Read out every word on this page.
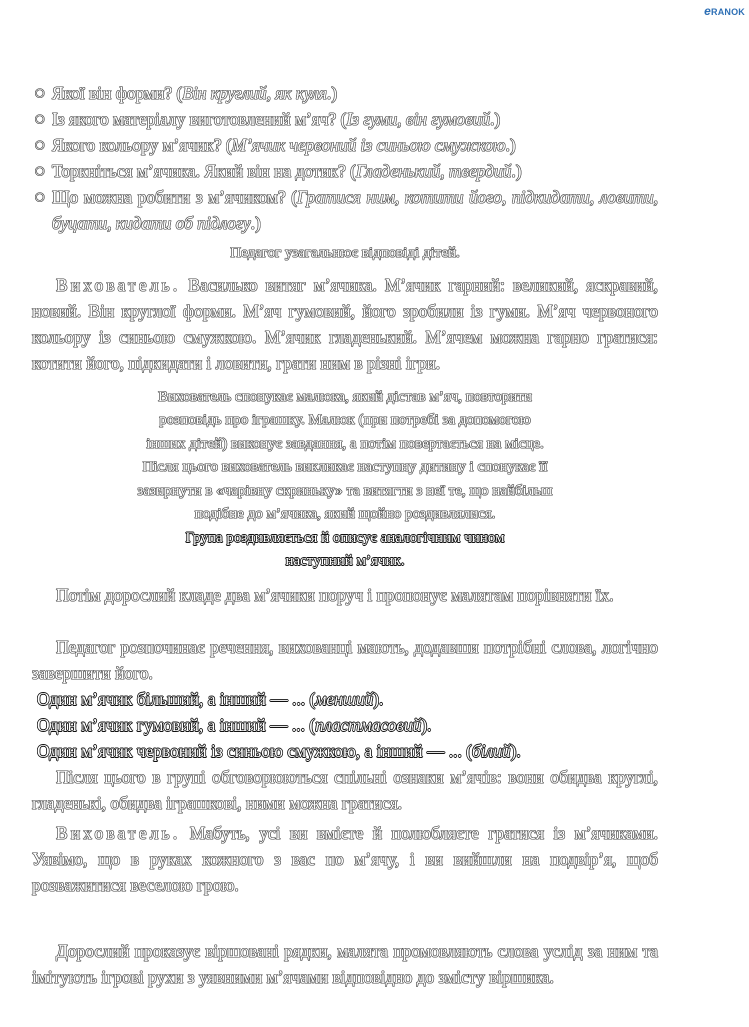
eRANOK
○ Якої він форми? (Він круглий, як куля.)
○ Із якого матеріалу виготовлений м’яч? (Із гуми, він гумовий.)
○ Якого кольору м’ячик? (М’ячик червоний із синьою смужкою.)
○ Торкніться м’ячика. Який він на дотик? (Гладенький, твердий.)
○ Що можна робити з м’ячиком? (Гратися ним, котити його, підкидати, ловити, буцати, кидати об підлогу.)

Педагог узагальнює відповіді дітей.

Вихователь. Василько витяг м’ячика. М’ячик гарний: великий, яскравий, новий. Він круглої форми. М’яч гумовий, його зробили із гуми. М’яч червоного кольору із синьою смужкою. М’ячик гладенький. М’ячем можна гарно гратися: котити його, підкидати і ловити, грати ним в різні ігри.

Вихователь спонукає малюка, який дістав м’яч, повторити

розповідь про іграшку. Малюк (при потребі за допомогою

інших дітей) виконує завдання, а потім повертається на місце.

Після цього вихователь викликає наступну дитину і спонукає її

зазирнути в «чарівну скриньку» та витягти з неї те, що найбільш

подібне до м’ячика, який щойно роздивлялися.

Група роздивляється й описує аналогічним чином

наступний м’ячик.

Потім дорослий кладе два м’ячики поруч і пропонує малятам порівняти їх.

Педагог розпочинає речення, вихованці мають, додавши потрібні слова, логічно завершити його.

Один м’ячик більший, а інший — ... (менший).

Один м’ячик гумовий, а інший — ... (пластмасовий).

Один м’ячик червоний із синьою смужкою, а інший — ... (білий).

Після цього в групі обговорюються спільні ознаки м’ячів: вони обидва круглі, гладенькі, обидва іграшкові, ними можна гратися.

Вихователь. Мабуть, усі ви вмієте й полюбляєте гратися із м’ячиками. Уявімо, що в руках кожного з вас по м’ячу, і ви вийшли на подвір’я, щоб розважитися веселою грою.

Дорослий проказує віршовані рядки, малята промовляють слова услід за ним та імітують ігрові рухи з уявними м’ячами відповідно до змісту віршика.
